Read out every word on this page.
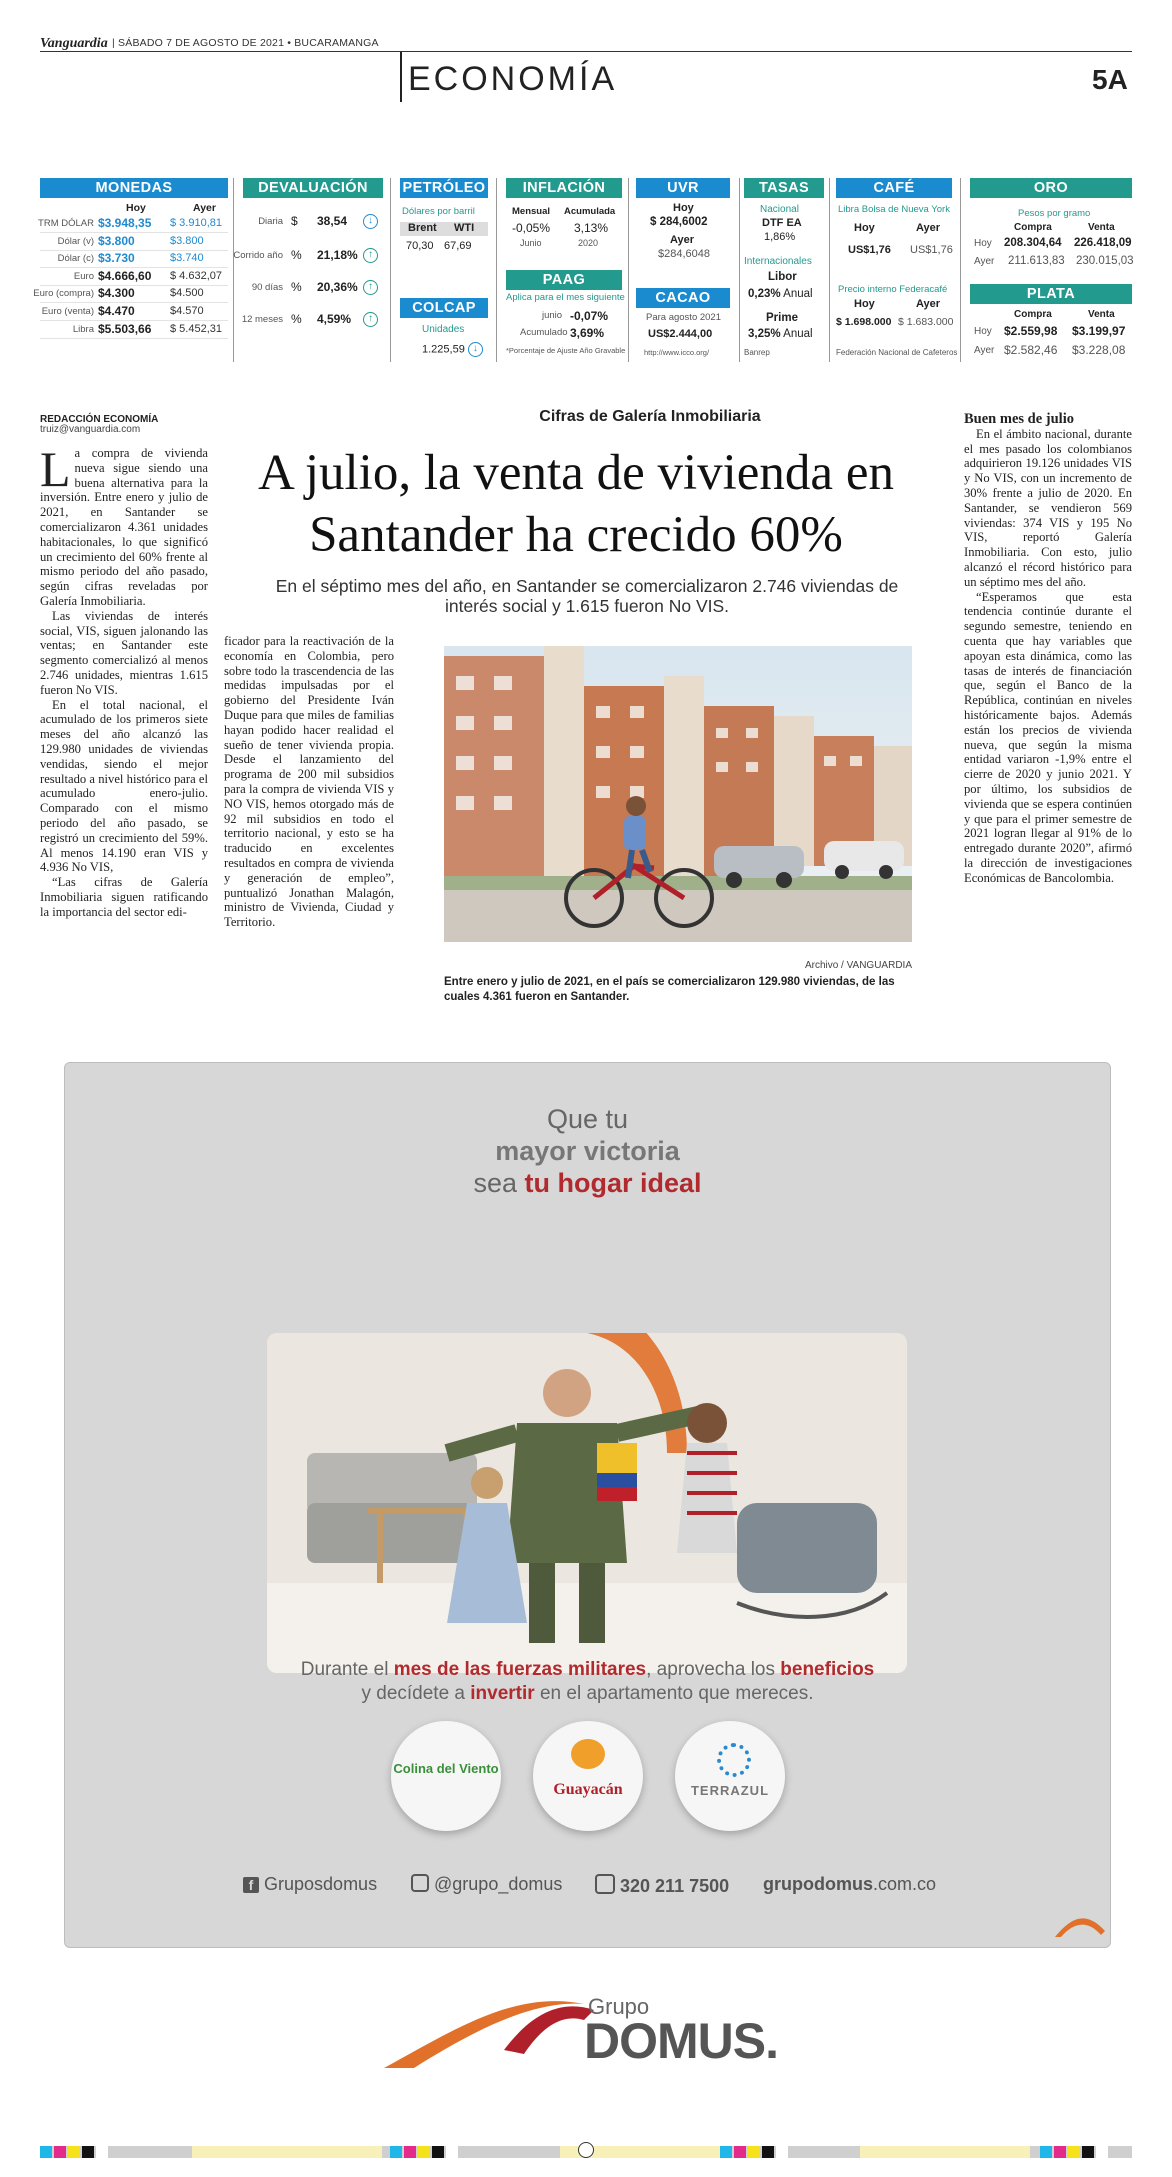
Vanguardia | SÁBADO 7 DE AGOSTO DE 2021 • BUCARAMANGA
ECONOMÍA	5A
MONEDAS
Hoy	Ayer
TRM DÓLAR $3.948,35 $ 3.910,81
Dólar (v) $3.800	$3.800
Dólar (c) $3.730	$3.740
Euro $4.666,60 $ 4.632,07
Euro (compra) $4.300	$4.500
Euro (venta) $4.470	$4.570
Libra $5.503,66 $ 5.452,31
DEVALUACIÓN
Diaria $ 38,54	↓
Corrido año % 21,18%	↑
90 días % 20,36%	↑
12 meses % 4,59%	↑
PETRÓLEO
Dólares por barril
Brent WTI
70,30 67,69
COLCAP
Unidades
1.225,59 ↓
INFLACIÓN
Mensual Acumulada
-0,05% 3,13%
Junio	2020
PAAG
Aplica para el mes siguiente
junio -0,07%
Acumulado 3,69%
*Porcentaje de Ajuste Año Gravable
UVR
Hoy
$ 284,6002
Ayer
$284,6048
CACAO
Para agosto 2021
US$2.444,00
http://www.icco.org/
TASAS
Nacional
DTF EA
1,86%
Internacionales
Libor
0,23% Anual
Prime
3,25% Anual
Banrep
CAFÉ
Libra Bolsa de Nueva York
Hoy	Ayer
US$1,76 US$1,76
Precio interno Federacafé
Hoy	Ayer
$ 1.698.000 $ 1.683.000
Federación Nacional de Cafeteros
ORO
Pesos por gramo
Compra	Venta
Hoy 208.304,64 226.418,09
Ayer 211.613,83 230.015,03
PLATA
Compra	Venta
Hoy $2.559,98 $3.199,97
Ayer $2.582,46 $3.228,08
REDACCIÓN ECONOMÍA
truiz@vanguardia.com
Cifras de Galería Inmobiliaria
A julio, la venta de vivienda en Santander ha crecido 60%
En el séptimo mes del año, en Santander se comercializaron 2.746 viviendas de interés social y 1.615 fueron No VIS.
L a compra de vivienda nueva sigue siendo una buena alternativa para la inversión. Entre enero y julio de 2021, en Santander se comercializaron 4.361 unidades habitacionales, lo que significó un crecimiento del 60% frente al mismo periodo del año pasado, según cifras reveladas por Galería Inmobiliaria.

Las viviendas de interés social, VIS, siguen jalonando las ventas; en Santander este segmento comercializó al menos 2.746 unidades, mientras 1.615 fueron No VIS.

En el total nacional, el acumulado de los primeros siete meses del año alcanzó las 129.980 unidades de viviendas vendidas, siendo el mejor resultado a nivel histórico para el acumulado enero-julio. Comparado con el mismo periodo del año pasado, se registró un crecimiento del 59%. Al menos 14.190 eran VIS y 4.936 No VIS,

“Las cifras de Galería Inmobiliaria siguen ratificando la importancia del sector edi-

ficador para la reactivación de la economía en Colombia, pero sobre todo la trascendencia de las medidas impulsadas por el gobierno del Presidente Iván Duque para que miles de familias hayan podido hacer realidad el sueño de tener vivienda propia. Desde el lanzamiento del programa de 200 mil subsidios para la compra de vivienda VIS y NO VIS, hemos otorgado más de 92 mil subsidios en todo el territorio nacional, y esto se ha traducido en excelentes resultados en compra de vivienda y generación de empleo”, puntualizó Jonathan Malagón, ministro de Vivienda, Ciudad y Territorio.

Buen mes de julio

En el ámbito nacional, durante el mes pasado los colombianos adquirieron 19.126 unidades VIS y No VIS, con un incremento de 30% frente a julio de 2020. En Santander, se vendieron 569 viviendas: 374 VIS y 195 No VIS, reportó Galería Inmobiliaria. Con esto, julio alcanzó el récord histórico para un séptimo mes del año.

“Esperamos que esta tendencia continúe durante el segundo semestre, teniendo en cuenta que hay variables que apoyan esta dinámica, como las tasas de interés de financiación que, según el Banco de la República, continúan en niveles históricamente bajos. Además están los precios de vivienda nueva, que según la misma entidad variaron -1,9% entre el cierre de 2020 y junio 2021. Y por último, los subsidios de vivienda que se espera continúen y que para el primer semestre de 2021 logran llegar al 91% de lo entregado durante 2020”, afirmó la dirección de investigaciones Económicas de Bancolombia.

Archivo / VANGUARDIA
Entre enero y julio de 2021, en el país se comercializaron 129.980 viviendas, de las cuales 4.361 fueron en Santander.
Que tu
mayor victoria
sea tu hogar ideal
Durante el mes de las fuerzas militares, aprovecha los beneficios
y decídete a invertir en el apartamento que mereces.
Colina del Viento
Guayacán	TERRAZUL
f Gruposdomus	@grupo_domus	320 211 7500 grupodomus.com.co
Grupo
DOMUS.
